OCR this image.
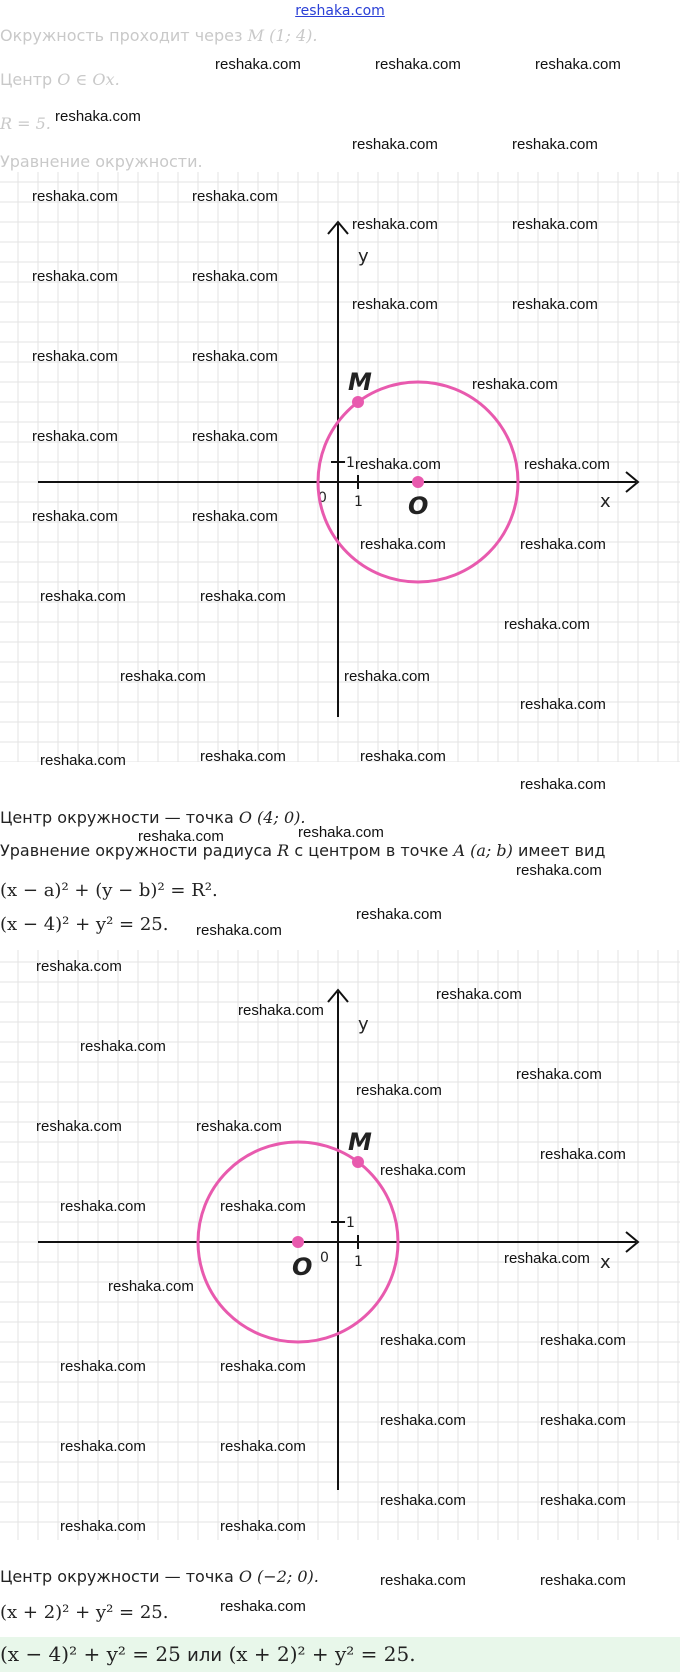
reshaka.com
Окружность проходит через M (1; 4).
Центр O ∈ Ox.
R = 5.
Уравнение окружности.
x
y
0 1
1
M
O
Центр окружности — точка O (4; 0).
Уравнение окружности радиуса R с центром в точке A (a; b) имеет вид
(x − a)² + (y − b)² = R².
(x − 4)² + y² = 25.
x
y
0 1
1
M
O
Центр окружности — точка O (−2; 0).
(x + 2)² + y² = 25.
(x − 4)² + y² = 25 или (x + 2)² + y² = 25.
reshaka.com	reshaka.com	reshaka.com
reshaka.com
reshaka.com	reshaka.com
reshaka.com	reshaka.com
reshaka.com	reshaka.com
reshaka.com	reshaka.com
reshaka.com	reshaka.com
reshaka.com	reshaka.com
reshaka.com
reshaka.com	reshaka.com
reshaka.com	reshaka.com
reshaka.com	reshaka.com
reshaka.com	reshaka.com
reshaka.com	reshaka.com
reshaka.com
reshaka.com	reshaka.com
reshaka.com
reshaka.com	reshaka.com	reshaka.com
reshaka.com
reshaka.com	reshaka.com
reshaka.com
reshaka.com
reshaka.com
reshaka.com
reshaka.com
reshaka.com
reshaka.com
reshaka.com
reshaka.com
reshaka.com	reshaka.com
reshaka.com
reshaka.com
reshaka.com	reshaka.com
reshaka.com
reshaka.com
reshaka.com	reshaka.com
reshaka.com	reshaka.com
reshaka.com	reshaka.com
reshaka.com	reshaka.com
reshaka.com	reshaka.com
reshaka.com	reshaka.com
reshaka.com	reshaka.com
reshaka.com
